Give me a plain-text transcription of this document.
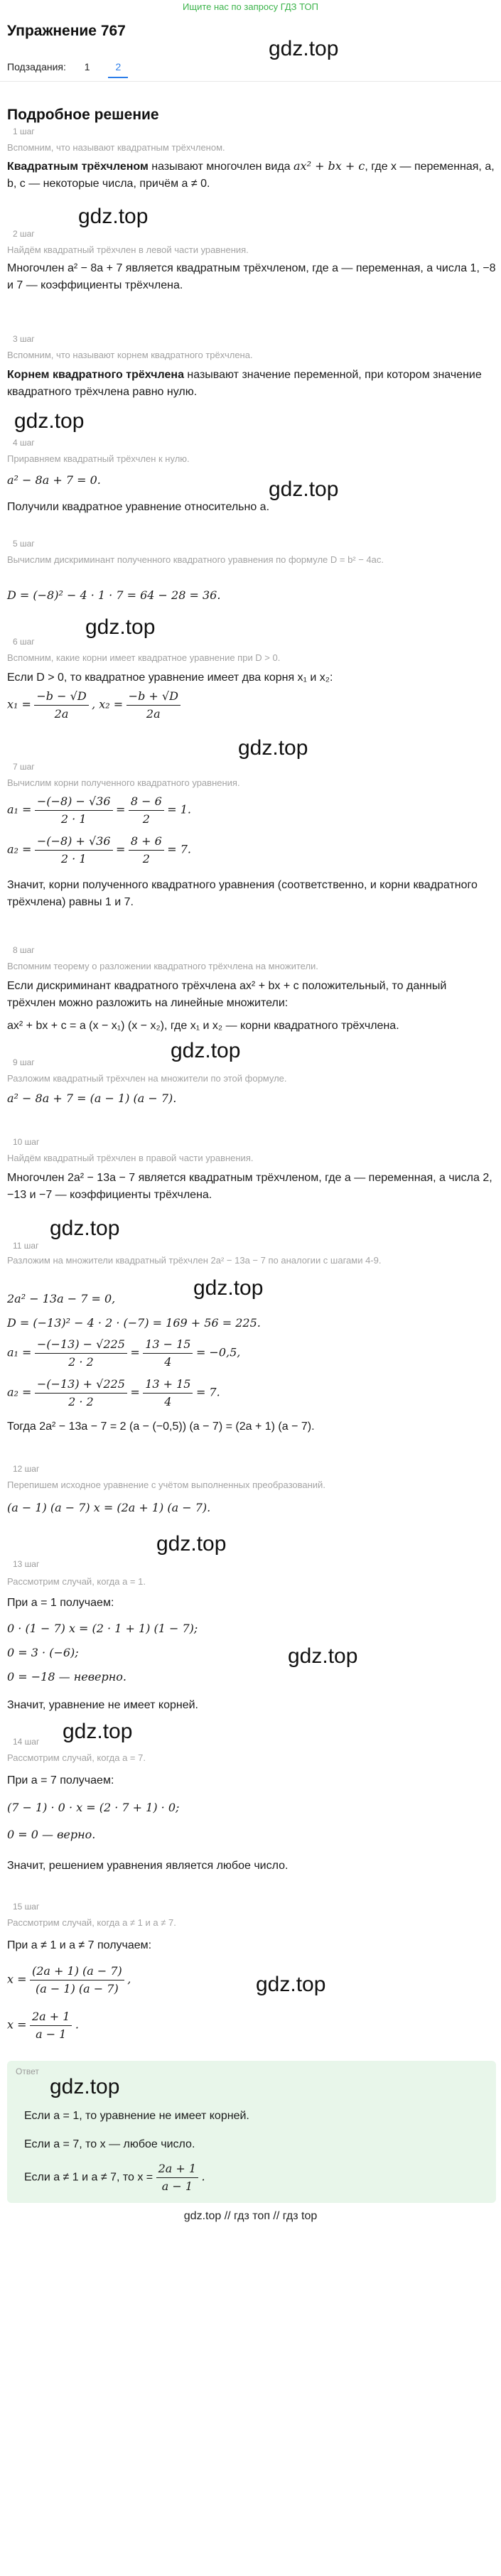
Ищите нас по запросу ГДЗ ТОП
Упражнение 767
gdz.top
Подзадания: 1	2
Подробное решение
1 шаг
Вспомним, что называют квадратным трёхчленом.
Квадратным трёхчленом называют многочлен вида ax² + bx + c, где x — переменная, a, b, c — некоторые числа, причём a ≠ 0.
gdz.top
2 шаг
Найдём квадратный трёхчлен в левой части уравнения.
Многочлен a² − 8a + 7 является квадратным трёхчленом, где a — переменная, а числа 1, −8 и 7 — коэффициенты трёхчлена.
3 шаг
Вспомним, что называют корнем квадратного трёхчлена.
Корнем квадратного трёхчлена называют значение переменной, при котором значение квадратного трёхчлена равно нулю.
gdz.top
4 шаг
Приравняем квадратный трёхчлен к нулю.
a² − 8a + 7 = 0.
Получили квадратное уравнение относительно a.
gdz.top
5 шаг
Вычислим дискриминант полученного квадратного уравнения по формуле D = b² − 4ac.
D = (−8)² − 4 · 1 · 7 = 64 − 28 = 36.
gdz.top
6 шаг
Вспомним, какие корни имеет квадратное уравнение при D > 0.
Если D > 0, то квадратное уравнение имеет два корня x₁ и x₂:
$x_1 = \frac{-b - √D}{2a}$ , $x_2 = \frac{-b + √D}{2a}$
gdz.top
7 шаг
Вычислим корни полученного квадратного уравнения.
$a_1 = \frac{-(-8) - √36}{2 \cdot 1} = \frac{8 - 6}{2} = 1$.
$a_2 = \frac{-(-8) + √36}{2 \cdot 1} = \frac{8 + 6}{2} = 7$.
Значит, корни полученного квадратного уравнения (соответственно, и корни квадратного трёхчлена) равны 1 и 7.
8 шаг
Вспомним теорему о разложении квадратного трёхчлена на множители.
Если дискриминант квадратного трёхчлена ax² + bx + c положительный, то данный трёхчлен можно разложить на линейные множители:
ax² + bx + c = a (x − x₁) (x − x₂), где x₁ и x₂ — корни квадратного трёхчлена.
gdz.top
9 шаг
Разложим квадратный трёхчлен на множители по этой формуле.
a² − 8a + 7 = (a − 1) (a − 7).
10 шаг
Найдём квадратный трёхчлен в правой части уравнения.
Многочлен 2a² − 13a − 7 является квадратным трёхчленом, где a — переменная, а числа 2, −13 и −7 — коэффициенты трёхчлена.
gdz.top
11 шаг
Разложим на множители квадратный трёхчлен 2a² − 13a − 7 по аналогии с шагами 4-9.
2a² − 13a − 7 = 0,	gdz.top
D = (−13)² − 4 · 2 · (−7) = 169 + 56 = 225.
$a_1 = \frac{-(-13) - √225}{2 \cdot 2} = \frac{13 - 15}{4} = -0,5$,
$a_2 = \frac{-(-13) + √225}{2 \cdot 2} = \frac{13 + 15}{4} = 7$.
Тогда 2a² − 13a − 7 = 2 (a − (−0,5)) (a − 7) = (2a + 1) (a − 7).
12 шаг
Перепишем исходное уравнение с учётом выполненных преобразований.
(a − 1) (a − 7) x = (2a + 1) (a − 7).
gdz.top
13 шаг
Рассмотрим случай, когда a = 1.
При a = 1 получаем:
0 · (1 − 7) x = (2 · 1 + 1) (1 − 7);
0 = 3 · (−6);
0 = −18 — неверно.
gdz.top
Значит, уравнение не имеет корней.
gdz.top
14 шаг
Рассмотрим случай, когда a = 7.
При a = 7 получаем:
(7 − 1) · 0 · x = (2 · 7 + 1) · 0;
0 = 0 — верно.
Значит, решением уравнения является любое число.
15 шаг
Рассмотрим случай, когда a ≠ 1 и a ≠ 7.
При a ≠ 1 и a ≠ 7 получаем:
$x = \frac{(2a + 1) (a - 7)}{(a - 1) (a - 7)}$ ,	gdz.top
$x = \frac{2a + 1}{a - 1}$ .
Ответ
gdz.top
Если a = 1, то уравнение не имеет корней.
Если a = 7, то x — любое число.
Если a ≠ 1 и a ≠ 7, то $x = \frac{2a + 1}{a - 1}$ .
gdz.top // гдз топ // гдз top
